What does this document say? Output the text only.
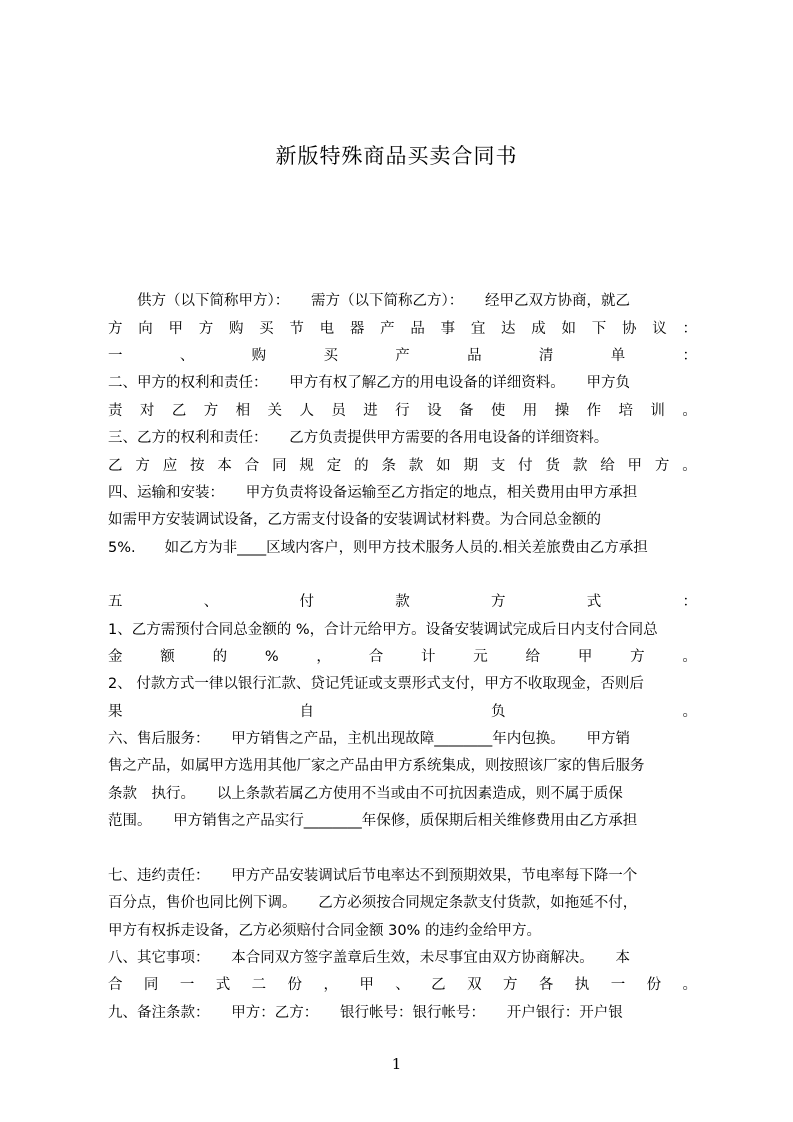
新版特殊商品买卖合同书
　　供方（以下简称甲方）：　　需方（以下简称乙方）：　　经甲乙双方协商，就乙
方 向 甲 方 购 买 节 电 器 产 品 事 宜 达 成 如 下 协 议 ：
一	、	购	买	产	品	清	单	：
二、甲方的权利和责任：　　甲方有权了解乙方的用电设备的详细资料。　　甲方负
责 对 乙 方 相 关 人 员 进 行 设 备 使 用 操 作 培 训 。
三、乙方的权利和责任：　　乙方负责提供甲方需要的各用电设备的详细资料。
乙 方 应 按 本 合 同 规 定 的 条 款 如 期 支 付 货 款 给 甲 方 。
四、运输和安装：　　甲方负责将设备运输至乙方指定的地点，相关费用由甲方承担
如需甲方安装调试设备，乙方需支付设备的安装调试材料费。为合同总金额的
5%.　　如乙方为非____区域内客户，则甲方技术服务人员的.相关差旅费由乙方承担
五	、	付	款	方	式	：
1、乙方需预付合同总金额的 %，合计元给甲方。设备安装调试完成后日内支付合同总
金	额	的	%	，	合	计	元	给	甲	方	。
2、 付款方式一律以银行汇款、贷记凭证或支票形式支付，甲方不收取现金，否则后
果	自	负	。
六、售后服务：　　甲方销售之产品，主机出现故障________年内包换。　　甲方销
售之产品，如属甲方选用其他厂家之产品由甲方系统集成，则按照该厂家的售后服务
条款　执行。　　以上条款若属乙方使用不当或由不可抗因素造成，则不属于质保
范围。　　甲方销售之产品实行________年保修，质保期后相关维修费用由乙方承担
七、违约责任：　　甲方产品安装调试后节电率达不到预期效果，节电率每下降一个
百分点，售价也同比例下调。　　乙方必须按合同规定条款支付货款，如拖延不付，
甲方有权拆走设备，乙方必须赔付合同金额 30% 的违约金给甲方。
八、其它事项：　　本合同双方签字盖章后生效，未尽事宜由双方协商解决。　　本
合 同 一 式 二 份 ， 甲 、 乙 双 方 各 执 一 份 。
九、备注条款：　　甲方：乙方：　　银行帐号：银行帐号：　　开户银行：开户银
1
